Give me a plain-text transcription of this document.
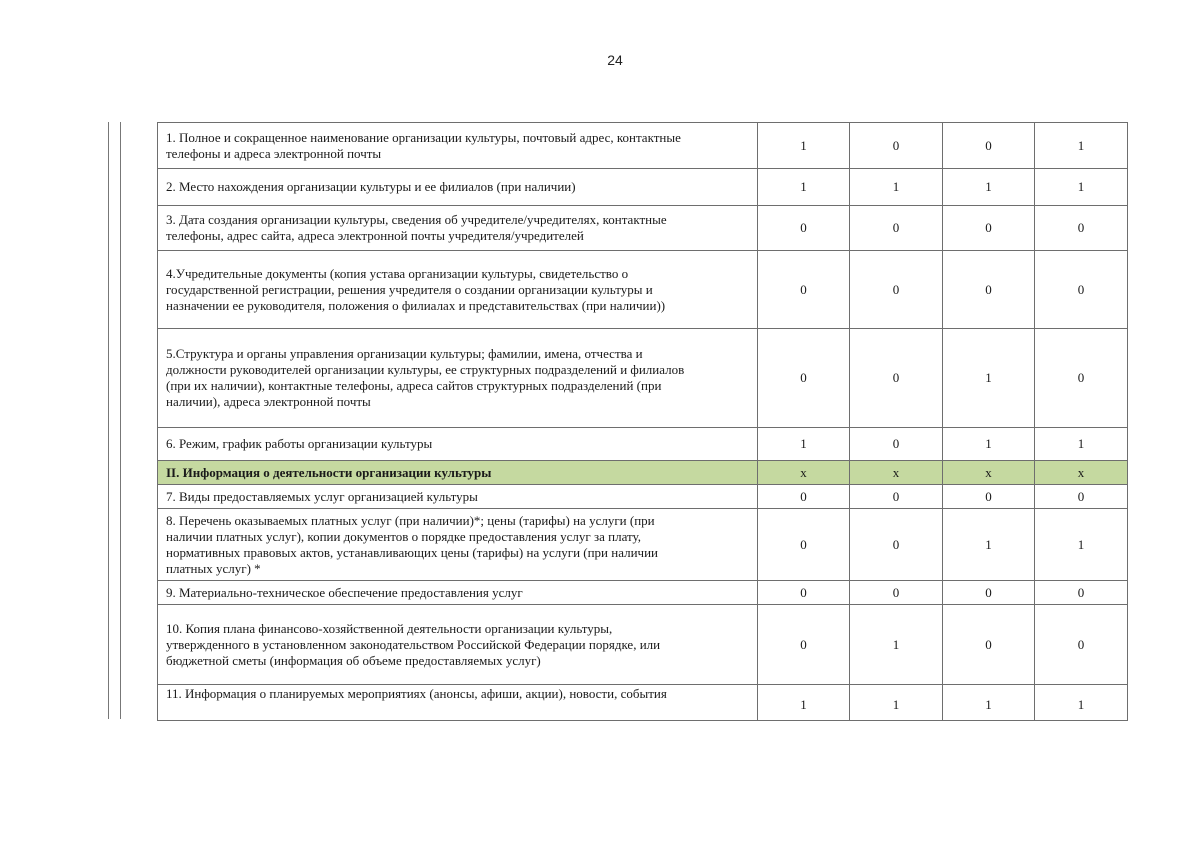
24
1. Полное и сокращенное наименование организации культуры, почтовый адрес, контактные
телефоны и адреса электронной почты	1	0	0	1
2. Место нахождения организации культуры и ее филиалов (при наличии)	1	1	1	1
3. Дата создания организации культуры, сведения об учредителе/учредителях, контактные
телефоны, адрес сайта, адреса электронной почты учредителя/учредителей	0	0	0	0
4.Учредительные документы (копия устава организации культуры, свидетельство о
государственной регистрации, решения учредителя о создании организации культуры и
назначении ее руководителя, положения о филиалах и представительствах (при наличии))	0	0	0	0
5.Структура и органы управления организации культуры; фамилии, имена, отчества и
должности руководителей организации культуры, ее структурных подразделений и филиалов
(при их наличии), контактные телефоны, адреса сайтов структурных подразделений (при
наличии), адреса электронной почты	0	0	1	0
6. Режим, график работы организации культуры	1	0	1	1
II. Информация о деятельности организации культуры	х	х	х	х
7. Виды предоставляемых услуг организацией культуры	0	0	0	0
8. Перечень оказываемых платных услуг (при наличии)*; цены (тарифы) на услуги (при
наличии платных услуг), копии документов о порядке предоставления услуг за плату,
нормативных правовых актов, устанавливающих цены (тарифы) на услуги (при наличии
платных услуг) *	0	0	1	1
9. Материально-техническое обеспечение предоставления услуг	0	0	0	0
10. Копия плана финансово-хозяйственной деятельности организации культуры,
утвержденного в установленном законодательством Российской Федерации порядке, или
бюджетной сметы (информация об объеме предоставляемых услуг)	0	1	0	0
11. Информация о планируемых мероприятиях (анонсы, афиши, акции), новости, события	1	1	1	1
